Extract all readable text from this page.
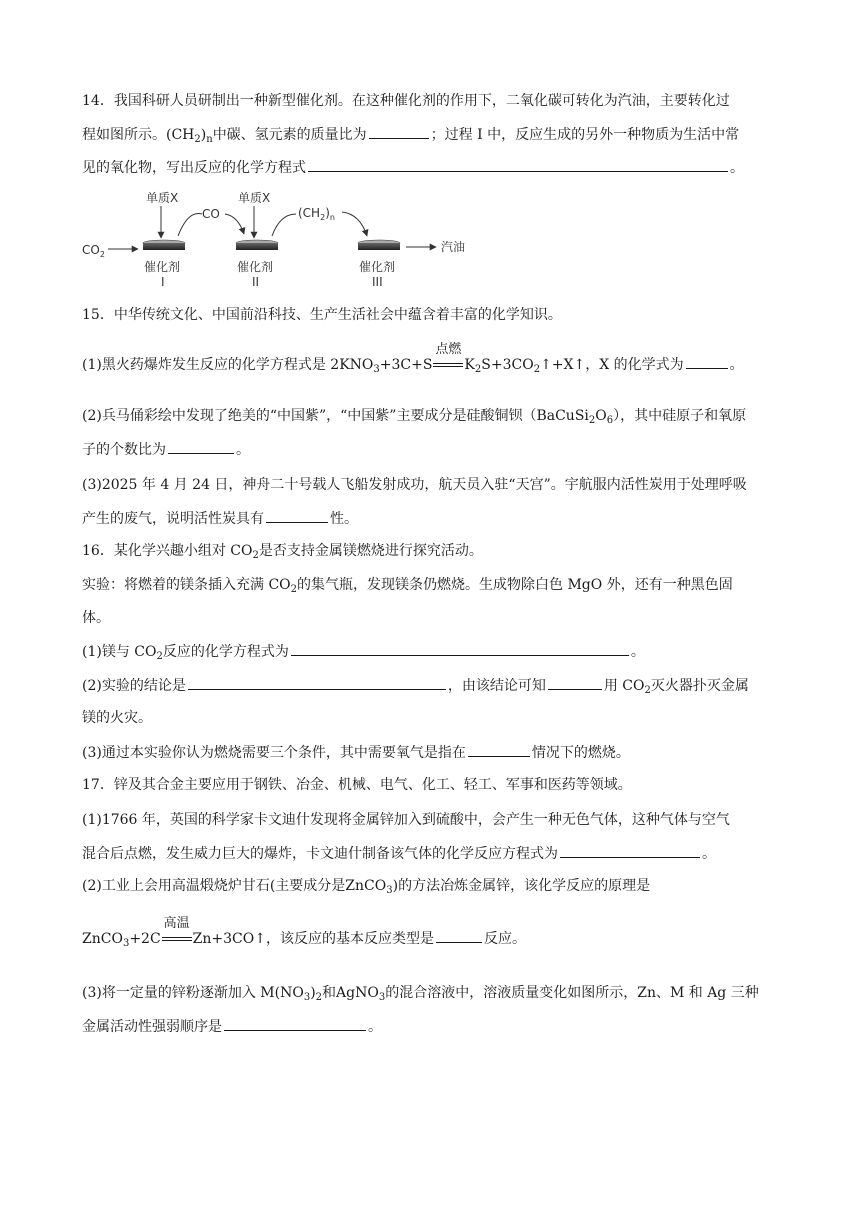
14．我国科研人员研制出一种新型催化剂。在这种催化剂的作用下，二氧化碳可转化为汽油，主要转化过
程如图所示。$(CH_2)_n$中碳、氢元素的质量比为	；过程 I 中，反应生成的另外一种物质为生活中常
见的氧化物，写出反应的化学方程式	。
$CO_2$
单质X
催化剂
I
CO
单质X
催化剂
II
$(CH_2)_n$
催化剂
III
汽油
15．中华传统文化、中国前沿科技、生产生活社会中蕴含着丰富的化学知识。
(1)黑火药爆炸发生反应的化学方程式是 $2KNO_3+3C+S$
点燃
$K_2S+3CO_2↑+X↑$，X 的化学式为	。
(2)兵马俑彩绘中发现了绝美的“中国紫”，“中国紫”主要成分是硅酸铜钡$(BaCuSi_2O_6)$，其中硅原子和氧原
子的个数比为	。
(3)2025 年 4 月 24 日，神舟二十号载人飞船发射成功，航天员入驻“天宫”。宇航服内活性炭用于处理呼吸
产生的废气，说明活性炭具有	性。
16．某化学兴趣小组对 $CO_2$是否支持金属镁燃烧进行探究活动。
实验：将燃着的镁条插入充满 $CO_2$的集气瓶，发现镁条仍燃烧。生成物除白色 MgO 外，还有一种黑色固
体。
(1)镁与 $CO_2$反应的化学方程式为	。
(2)实验的结论是	，由该结论可知	用 $CO_2$灭火器扑灭金属
镁的火灾。
(3)通过本实验你认为燃烧需要三个条件，其中需要氧气是指在	情况下的燃烧。
17．锌及其合金主要应用于钢铁、冶金、机械、电气、化工、轻工、军事和医药等领域。
(1)1766 年，英国的科学家卡文迪什发现将金属锌加入到硫酸中，会产生一种无色气体，这种气体与空气
混合后点燃，发生威力巨大的爆炸，卡文迪什制备该气体的化学反应方程式为	。
(2)工业上会用高温煅烧炉甘石(主要成分是ZnCO$_3$)的方法冶炼金属锌，该化学反应的原理是
ZnCO$_3$+2C
高温
Zn+3CO↑，该反应的基本反应类型是	反应。
(3)将一定量的锌粉逐渐加入 $M(NO_3)_2$和AgNO$_3$的混合溶液中，溶液质量变化如图所示，Zn、M 和 Ag 三种
金属活动性强弱顺序是	。
